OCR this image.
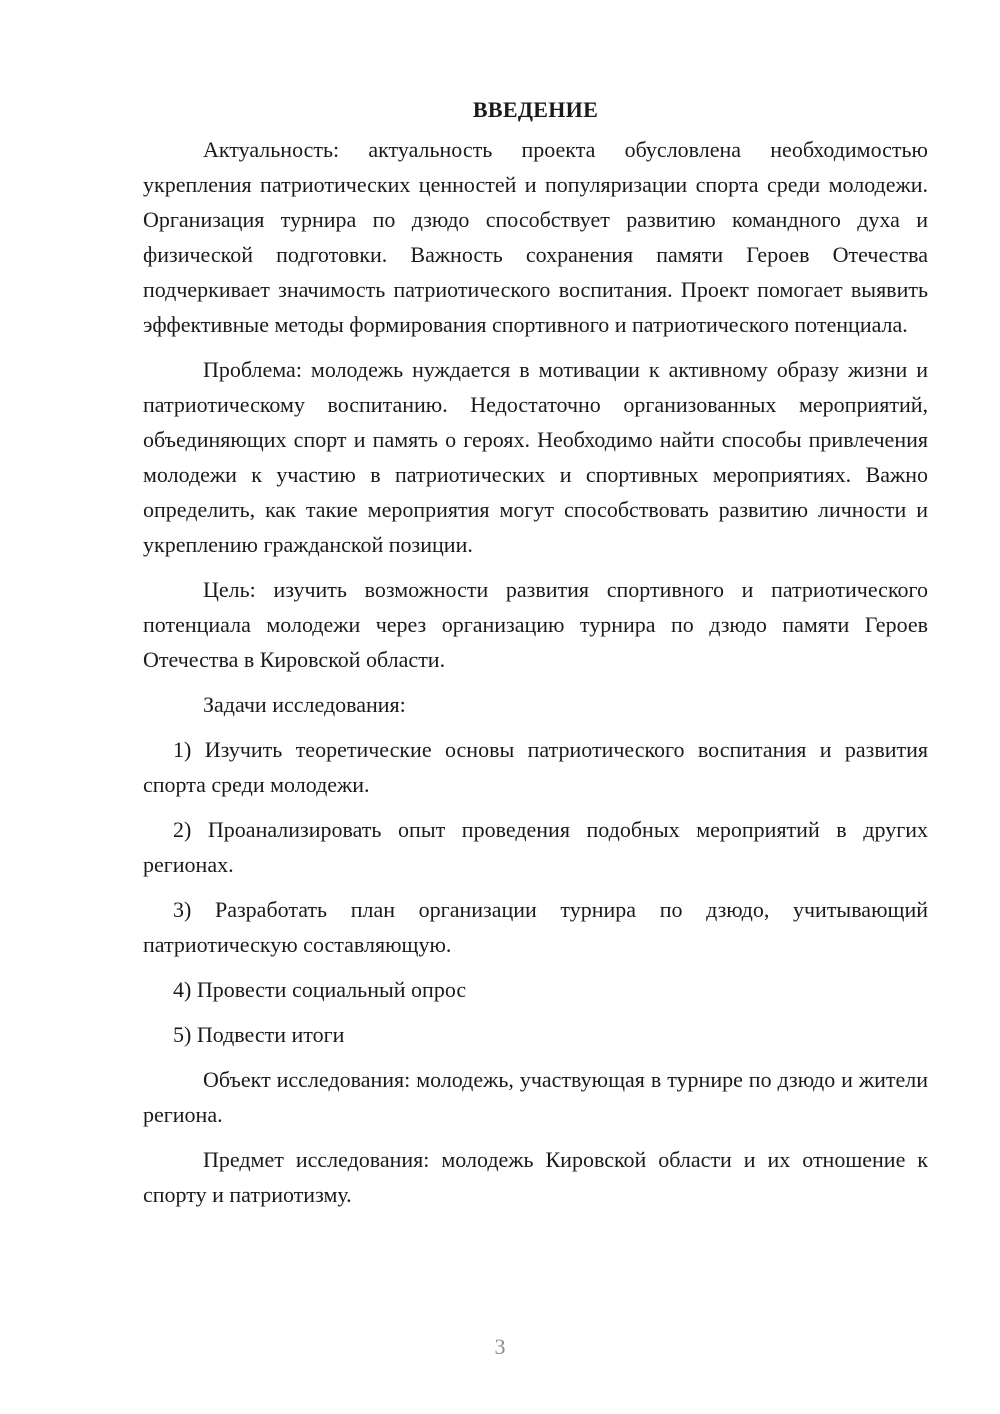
ВВЕДЕНИЕ

Актуальность: актуальность проекта обусловлена необходимостью укрепления патриотических ценностей и популяризации спорта среди молодежи. Организация турнира по дзюдо способствует развитию командного духа и физической подготовки. Важность сохранения памяти Героев Отечества подчеркивает значимость патриотического воспитания. Проект помогает выявить эффективные методы формирования спортивного и патриотического потенциала.

Проблема: молодежь нуждается в мотивации к активному образу жизни и патриотическому воспитанию. Недостаточно организованных мероприятий, объединяющих спорт и память о героях. Необходимо найти способы привлечения молодежи к участию в патриотических и спортивных мероприятиях. Важно определить, как такие мероприятия могут способствовать развитию личности и укреплению гражданской позиции.

Цель: изучить возможности развития спортивного и патриотического потенциала молодежи через организацию турнира по дзюдо памяти Героев Отечества в Кировской области.

Задачи исследования:

1) Изучить теоретические основы патриотического воспитания и развития спорта среди молодежи.

2) Проанализировать опыт проведения подобных мероприятий в других регионах.

3) Разработать план организации турнира по дзюдо, учитывающий патриотическую составляющую.

4) Провести социальный опрос

5) Подвести итоги

Объект исследования: молодежь, участвующая в турнире по дзюдо и жители региона.

Предмет исследования: молодежь Кировской области и их отношение к спорту и патриотизму.

3
